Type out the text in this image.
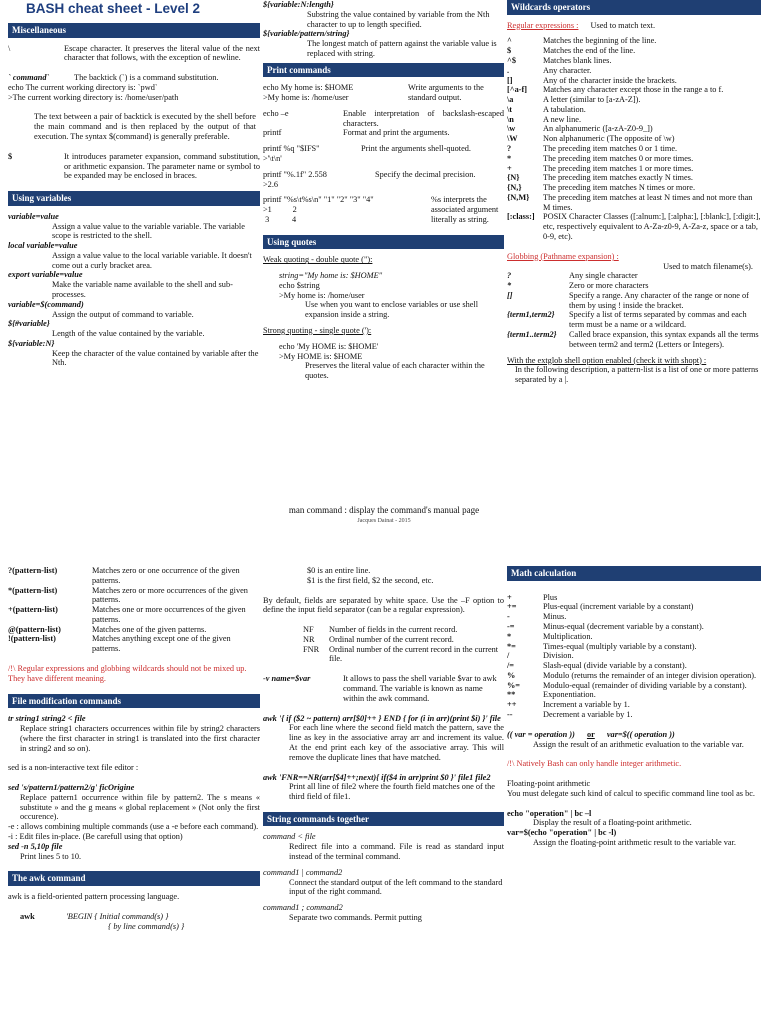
BASH cheat sheet - Level 2
Miscellaneous
\	Escape character. It preserves the literal value of the next character that follows, with the exception of newline.
` command`	The backtick (`) is a command substitution.
echo The current working directory is: `pwd`
>The current working directory is: /home/user/path
The text between a pair of backtick is executed by the shell before the main command and is then replaced by the output of that execution. The syntax $(command) is generally preferable.
$	It introduces parameter expansion, command substitution, or arithmetic expansion. The parameter name or symbol to be expanded may be enclosed in braces.
Using variables
variable=value
Assign a value value to the variable variable. The variable scope is restricted to the shell.
local variable=value
Assign a value value to the local variable variable. It doesn't come out a curly bracket area.
export variable=value
Make the variable name available to the shell and sub-processes.
variable=$(command)
Assign the output of command to variable.
${#variable}
Length of the value contained by the variable.
${variable:N}
Keep the character of the value contained by variable after the Nth.
${variable:N:length}
Substring the value contained by variable from the Nth character to up to length specified.
${variable/pattern/string}
The longest match of pattern against the variable value is replaced with string.
Print commands
echo My home is: $HOME
>My home is: /home/user
Write arguments to the standard output.
echo –e	Enable interpretation of backslash-escaped characters.
printf	Format and print the arguments.
printf %q "$IFS"
>'\t\n'
Print the arguments shell-quoted.
printf "%.1f" 2.558
>2.6
Specify the decimal precision.
printf "%s\t%s\n" "1" "2" "3" "4"
>1          2
3           4
%s interprets the associated argument literally as string.
Using quotes
Weak quoting - double quote ("):
string="My home is: $HOME"
echo $string
>My home is: /home/user
Use when you want to enclose variables or use shell expansion inside a string.
Strong quoting - single quote ('):
echo 'My HOME is: $HOME'
>My HOME is: $HOME
Preserves the literal value of each character within the quotes.
Wildcards operators
Regular expressions : Used to match text.
^	Matches the beginning of the line.
$	Matches the end of the line.
^$	Matches blank lines.
.	Any character.
[]	Any of the character inside the brackets.
[^a-f]	Matches any character except those in the range a to f.
\a	A letter (similar to [a-zA-Z]).
\t	A tabulation.
\n	A new line.
\w	An alphanumeric ([a-zA-Z0-9_])
\W	Non alphanumeric (The opposite of \w)
?	The preceding item matches 0 or 1 time.
*	The preceding item matches 0 or more times.
+	The preceding item matches 1 or more times.
{N}	The preceding item matches exactly N times.
{N,}	The preceding item matches N times or more.
{N,M}	The preceding item matches at least N times and not more than M times.
[:class:]	POSIX Character Classes ([:alnum:], [:alpha:], [:blank:], [:digit:], etc, respectively equivalent to A-Za-z0-9, A-Za-z, space or a tab, 0-9, etc).
Globbing (Pathname expansion) :
Used to match filename(s).
?	Any single character
*	Zero or more characters
[]	Specify a range. Any character of the range or none of them by using ! inside the bracket.
{term1,term2}	Specify a list of terms separated by commas and each term must be a name or a wildcard.
{term1..term2}	Called brace expansion, this syntax expands all the terms between term2 and term2 (Letters or Integers).
With the extglob shell option enabled (check it with shopt) :
In the following description, a pattern-list is a list of one or more patterns separated by a |.
man command : display the command's manual page
Jacques Dainat - 2015
?(pattern-list)	Matches zero or one occurrence of the given patterns.
*(pattern-list)	Matches zero or more occurrences of the given patterns.
+(pattern-list)	Matches one or more occurrences of the given patterns.
@(pattern-list)	Matches one of the given patterns.
!(pattern-list)	Matches anything except one of the given patterns.
/!\ Regular expressions and globbing wildcards should not be mixed up. They have different meaning.
File modification commands
tr string1 string2 < file
Replace string1 characters occurrences within file by string2 characters (where the first character in string1 is translated into the first character in string2 and so on).
sed is a non-interactive text file editor :
sed 's/pattern1/pattern2/g' ficOrigine
Replace pattern1 occurrence within file by pattern2. The s means « substitute » and the g means « global replacement » (Not only the first occurence).
-e : allows combining multiple commands (use a -e before each command).
-i : Edit files in-place. (Be carefull using that option)
sed -n 5,10p file
Print lines 5 to 10.
The awk command
awk is a field-oriented pattern processing language.
awk	'BEGIN { Initial command(s) }
{ by line command(s) }
$0 is an entire line.
$1 is the first field, $2 the second, etc.
By default, fields are separated by white space. Use the –F option to define the input field separator (can be a regular expression).
NF	Number of fields in the current record.
NR	Ordinal number of the current record.
FNR	Ordinal number of the current record in the current file.
-v name=$var	It allows to pass the shell variable $var to awk command. The variable is known as name within the awk command.
awk '{ if ($2 ~ pattern) arr[$0]++ } END { for (i in arr)(print $i) }' file
For each line where the second field match the pattern, save the line as key in the associative array arr and increment its value. At the end print each key of the associative array. This will remove the duplicate lines that have matched.
awk 'FNR==NR(arr[$4]++;next){ if($4 in arr)print $0 }' file1 file2
Print all line of file2 where the fourth field matches one of the third field of file1.
String commands together
command < file
Redirect file into a command. File is read as standard input instead of the terminal command.
command1 | command2
Connect the standard output of the left command to the standard input of the right command.
command1 ; command2
Separate two commands. Permit putting
Math calculation
+	Plus
+=	Plus-equal (increment variable by a constant)
-	Minus.
-=	Minus-equal (decrement variable by a constant).
*	Multiplication.
*=	Times-equal (multiply variable by a constant).
/	Division.
/=	Slash-equal (divide variable by a constant).
%	Modulo (returns the remainder of an integer division operation).
%=	Modulo-equal (remainder of dividing variable by a constant).
**	Exponentiation.
++	Increment a variable by 1.
--	Decrement a variable by 1.
(( var = operation )) or var=$(( operation ))
Assign the result of an arithmetic evaluation to the variable var.
/!\ Natively Bash can only handle integer arithmetic.
Floating-point arithmetic
You must delegate such kind of calcul to specific command line tool as bc.
echo "operation" | bc –l
Display the result of a floating-point arithmetic.
var=$(echo "operation" | bc -l)
Assign the floating-point arithmetic result to the variable var.
